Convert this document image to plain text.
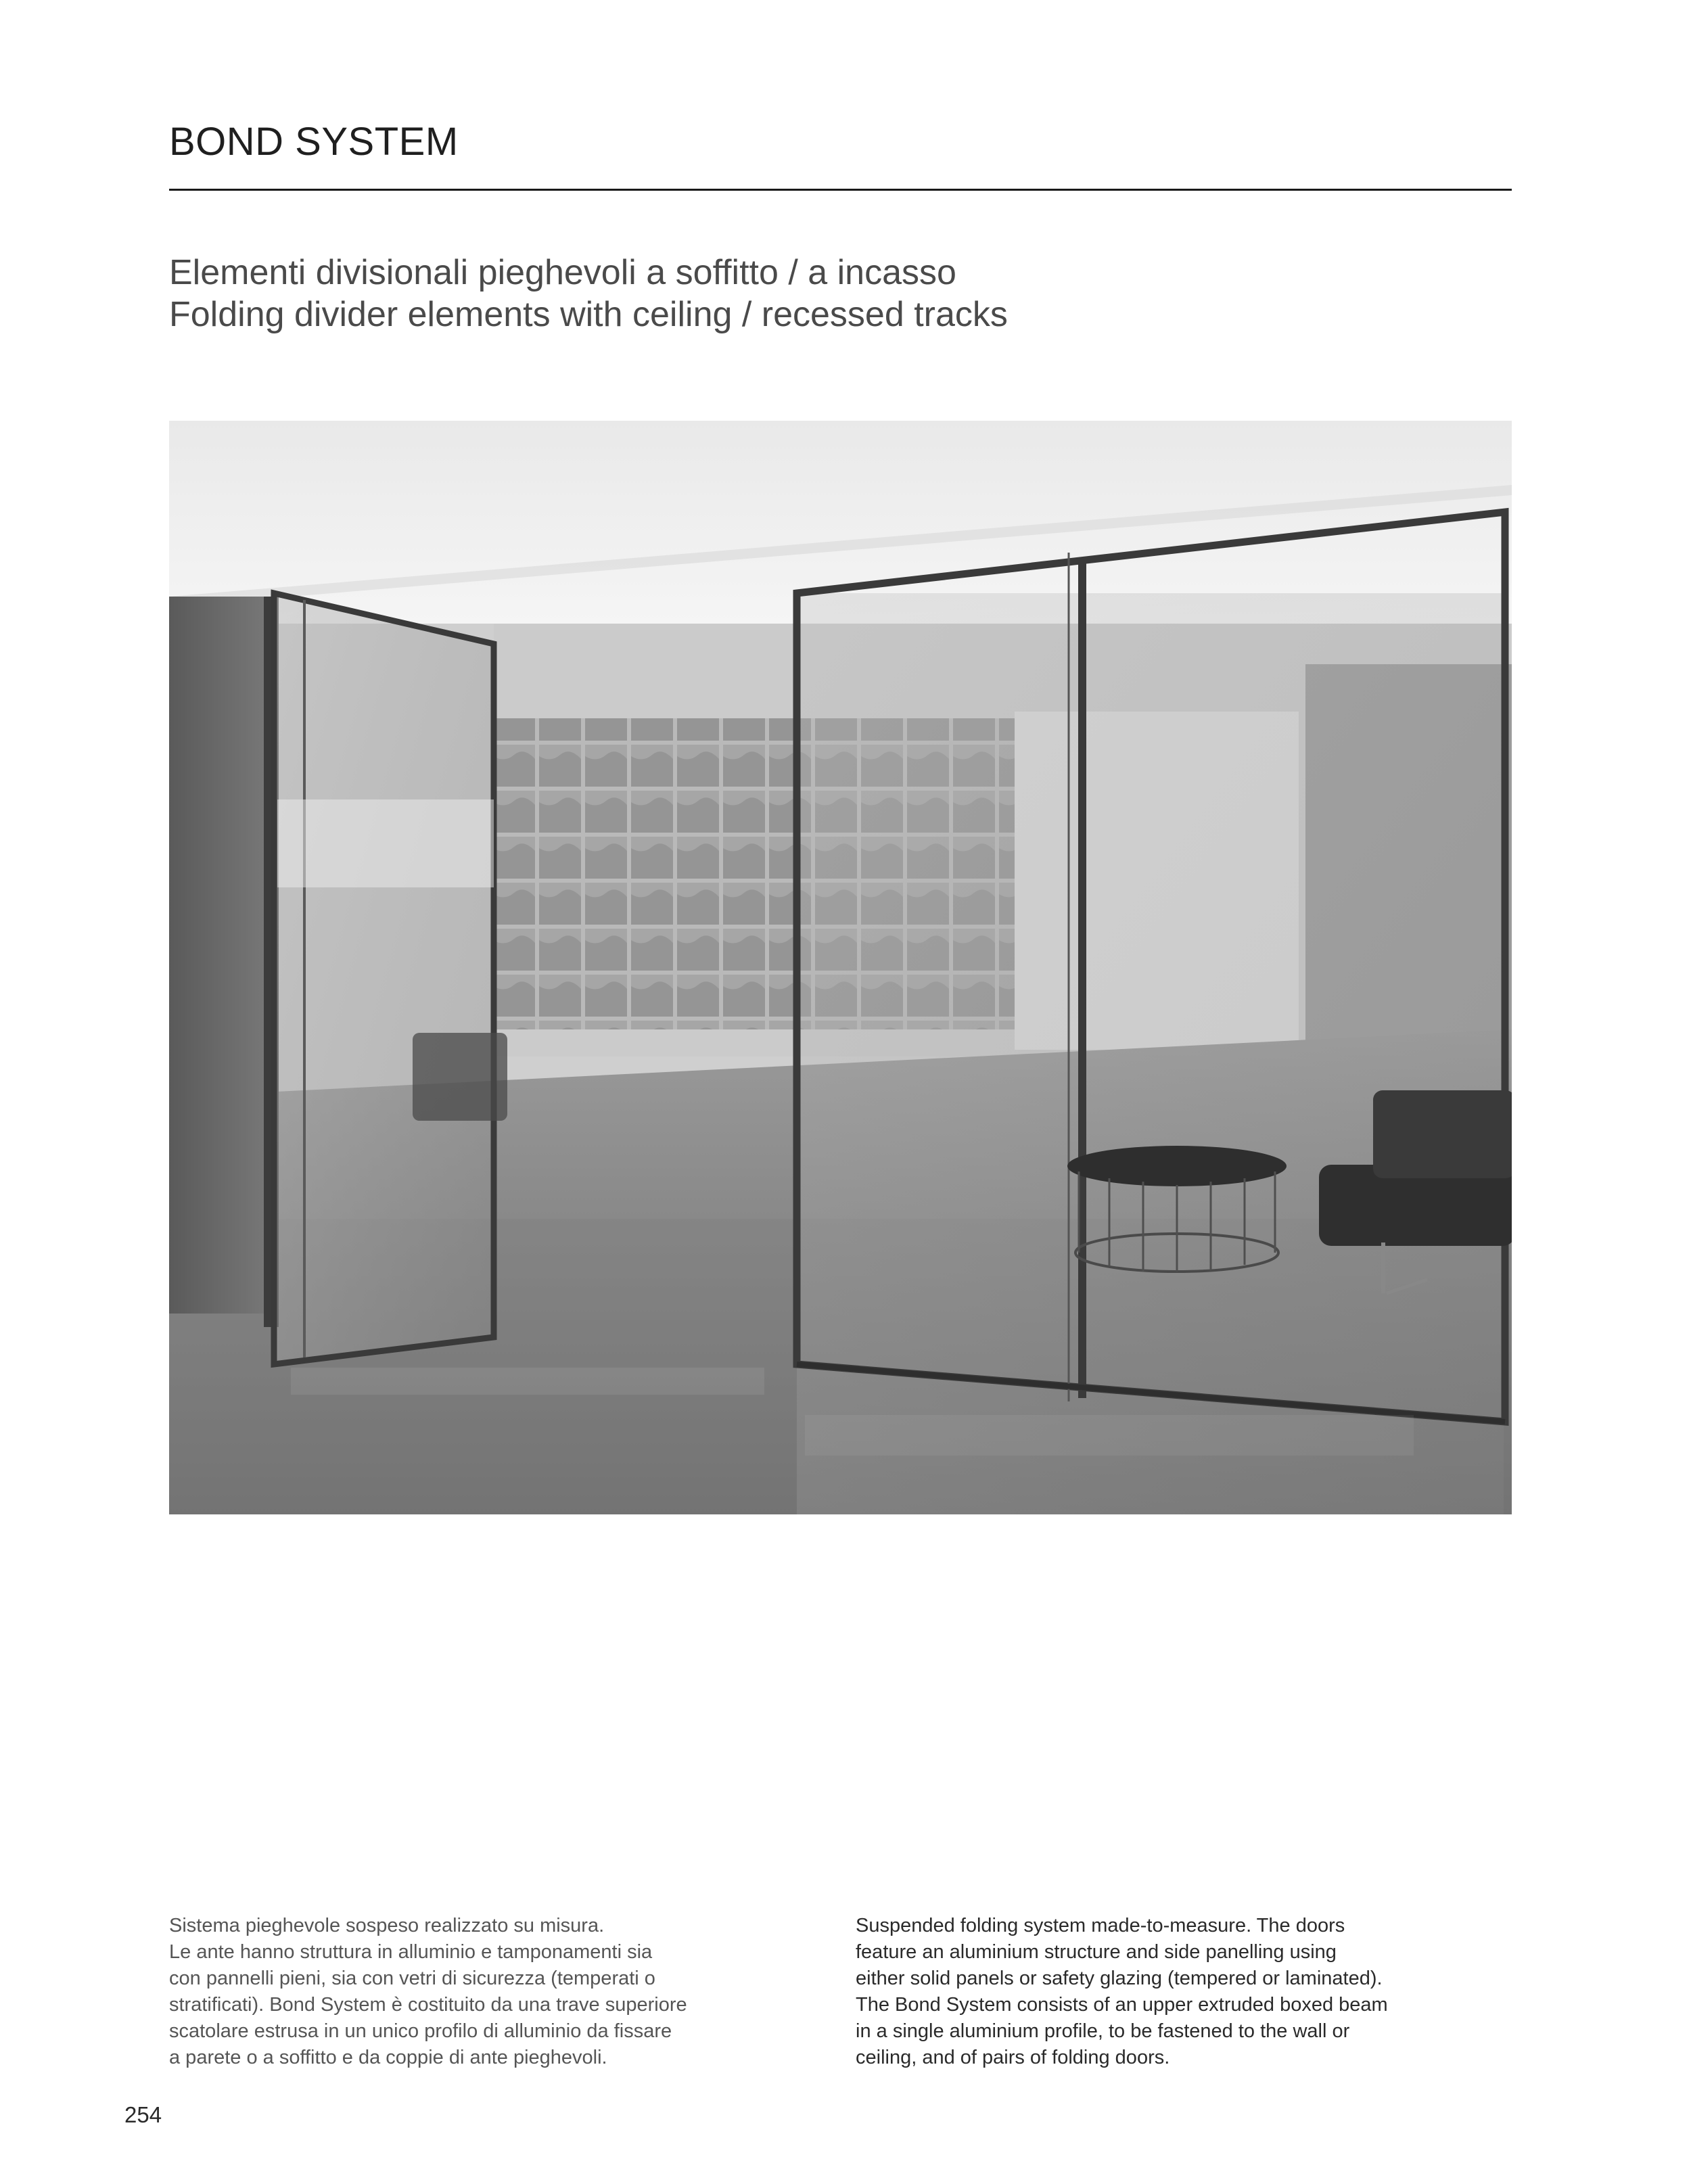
BOND SYSTEM
Elementi divisionali pieghevoli a soffitto / a incasso
Folding divider elements with ceiling / recessed tracks
Sistema pieghevole sospeso realizzato su misura.
Le ante hanno struttura in alluminio e tamponamenti sia
con pannelli pieni, sia con vetri di sicurezza (temperati o
stratificati). Bond System è costituito da una trave superiore
scatolare estrusa in un unico profilo di alluminio da fissare
a parete o a soffitto e da coppie di ante pieghevoli.
Suspended folding system made-to-measure. The doors
feature an aluminium structure and side panelling using
either solid panels or safety glazing (tempered or laminated).
The Bond System consists of an upper extruded boxed beam
in a single aluminium profile, to be fastened to the wall or
ceiling, and of pairs of folding doors.
254
